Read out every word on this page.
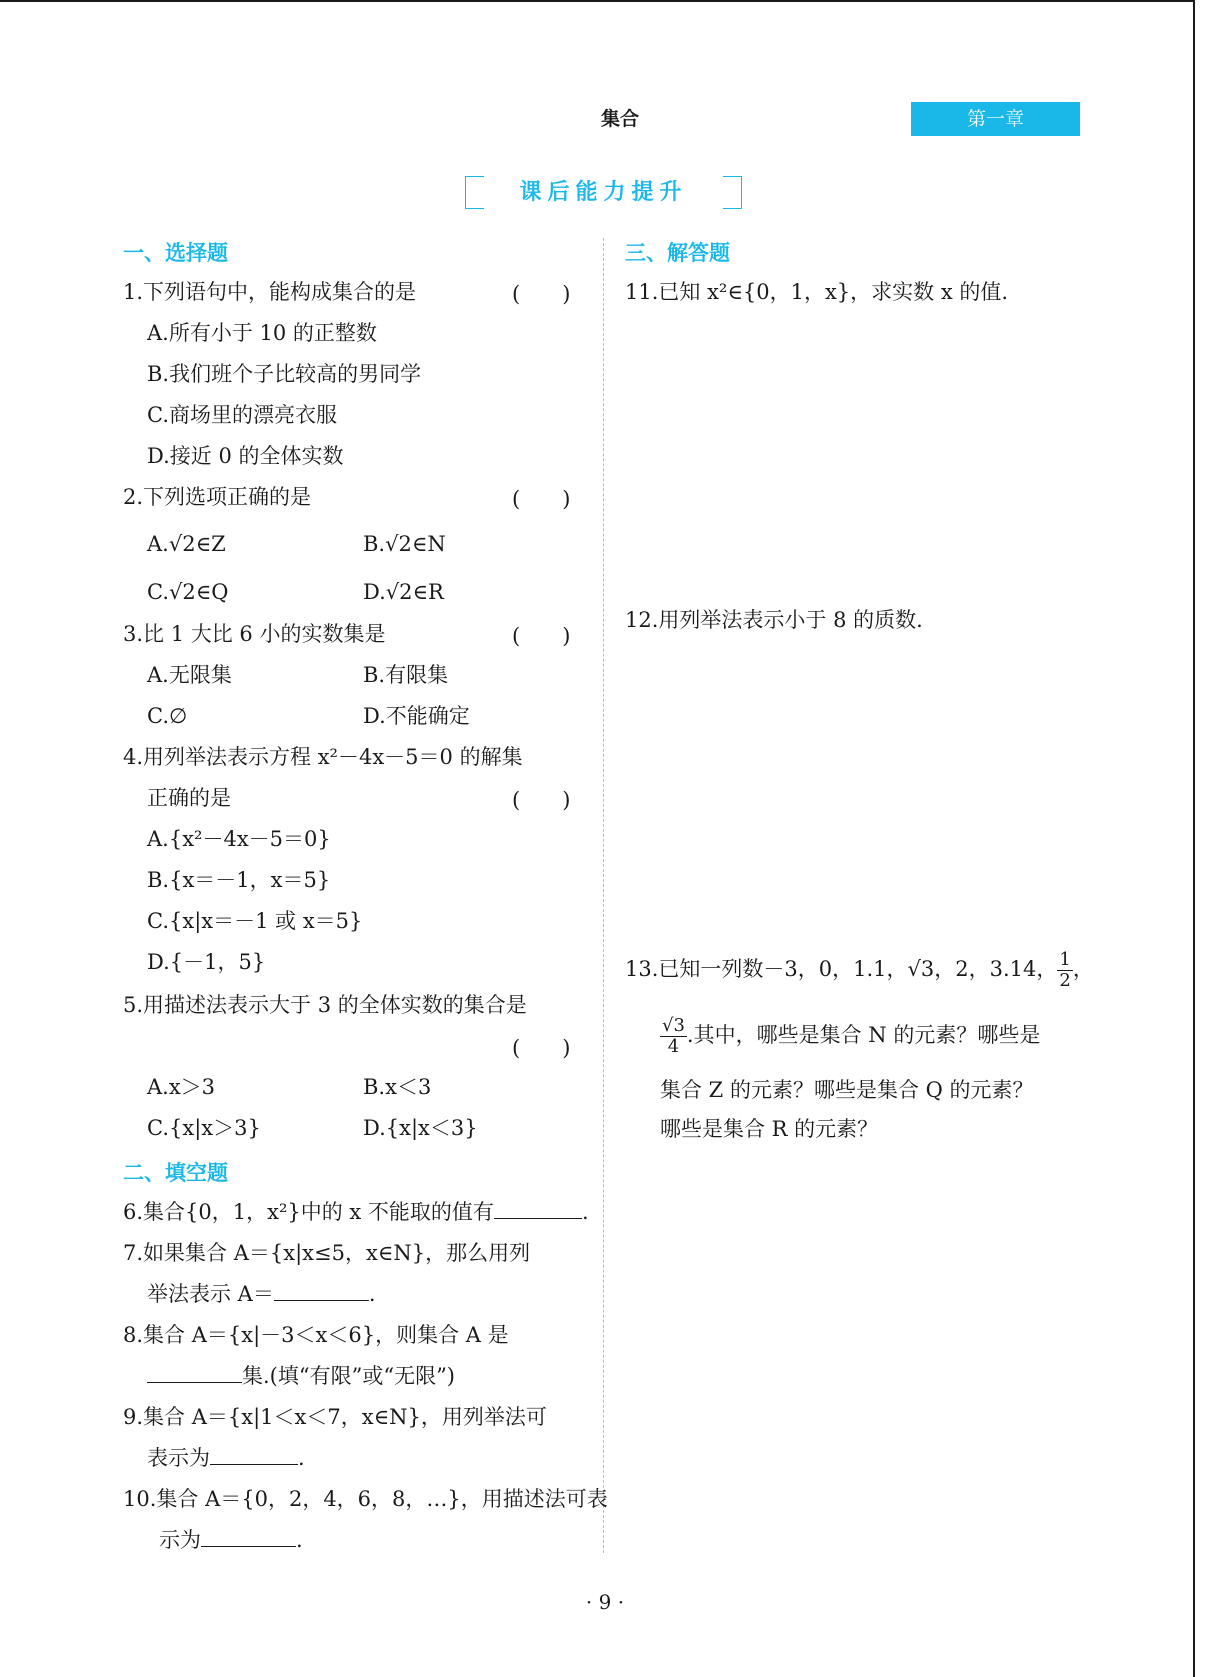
集合	第一章
课后能力提升
一、选择题
1.下列语句中，能构成集合的是	(　　)
A.所有小于 10 的正整数
B.我们班个子比较高的男同学
C.商场里的漂亮衣服
D.接近 0 的全体实数
2.下列选项正确的是	(　　)
A.√2∈Z	B.√2∈N
C.√2∈Q	D.√2∈R
3.比 1 大比 6 小的实数集是	(　　)
A.无限集	B.有限集
C.∅	D.不能确定
4.用列举法表示方程 x²－4x－5＝0 的解集
正确的是	(　　)
A.{x²－4x－5＝0}
B.{x＝－1，x＝5}
C.{x|x＝－1 或 x＝5}
D.{－1，5}
5.用描述法表示大于 3 的全体实数的集合是
(　　)
A.x＞3	B.x＜3
C.{x|x＞3}	D.{x|x＜3}
二、填空题
6.集合{0，1，x²}中的 x 不能取的值有	.
7.如果集合 A＝{x|x≤5，x∈N}，那么用列
举法表示 A＝	.
8.集合 A＝{x|－3＜x＜6}，则集合 A 是
集.(填“有限”或“无限”)
9.集合 A＝{x|1＜x＜7，x∈N}，用列举法可
表示为	.
10.集合 A＝{0，2，4，6，8，…}，用描述法可表
示为	.
三、解答题
11.已知 x²∈{0，1，x}，求实数 x 的值.
12.用列举法表示小于 8 的质数.
13.已知一列数－3，0，1.1，√3，2，3.14， $\frac{1}{2}$ ，
$\frac{√3}{4}$ .其中，哪些是集合 N 的元素？哪些是
集合 Z 的元素？哪些是集合 Q 的元素？
哪些是集合 R 的元素？
· 9 ·
